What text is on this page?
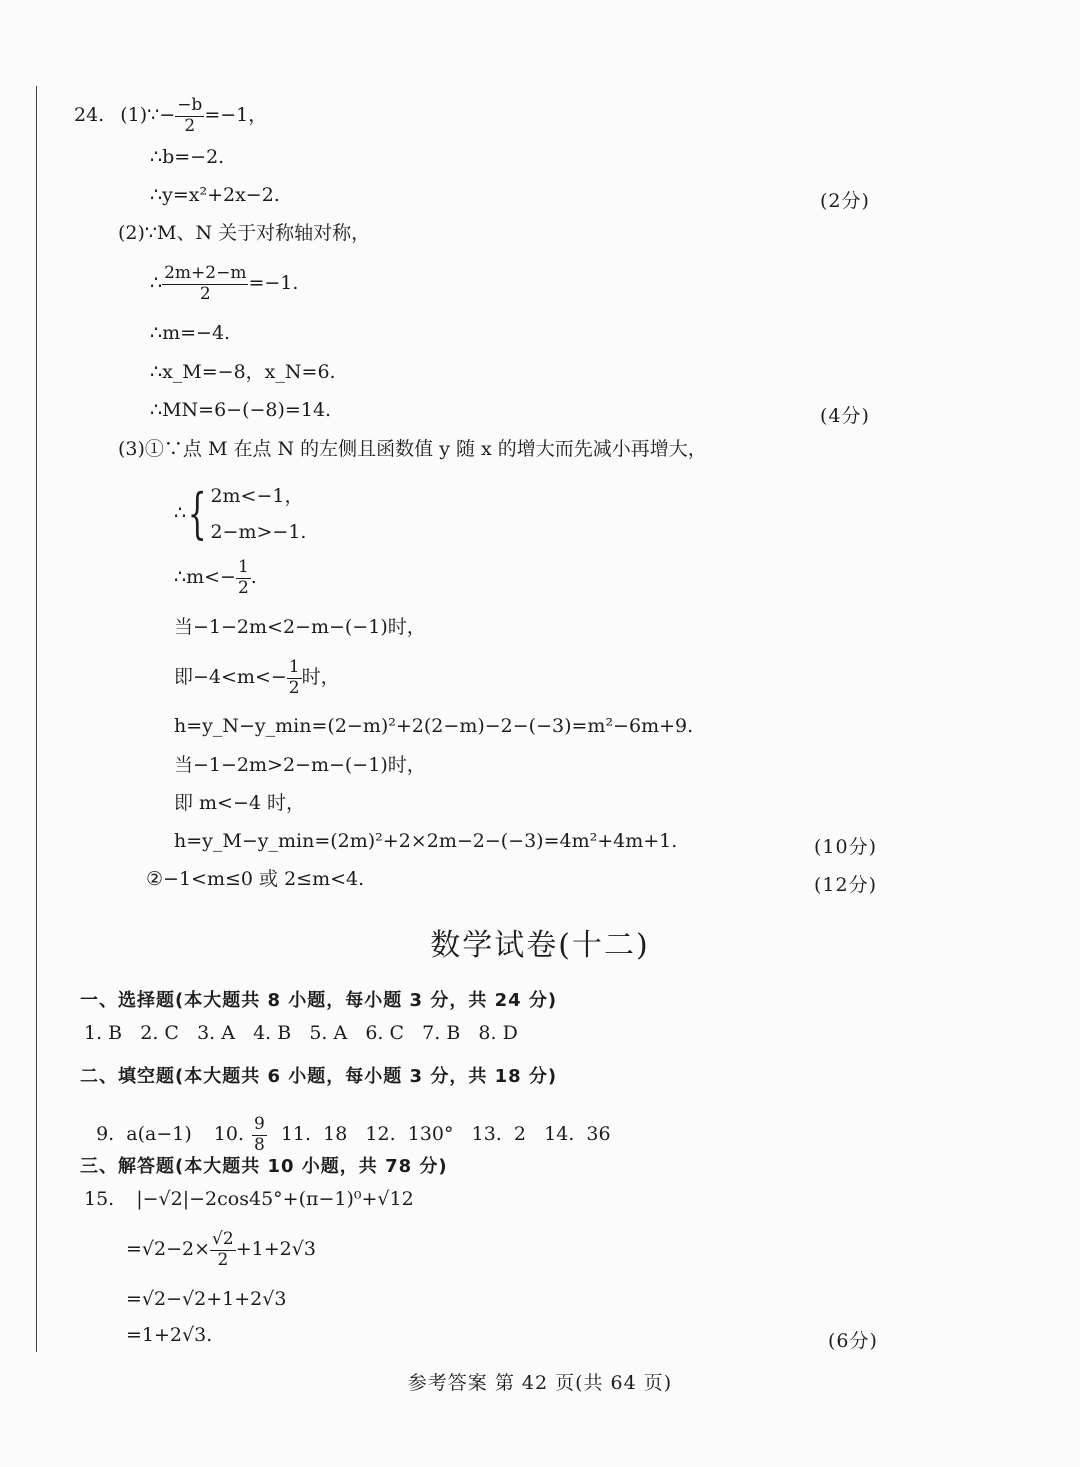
24. (1)∵− $\frac{-b}{2} =-1$，
∴b=−2.
∴y=x²+2x−2.	(2分)
(2)∵M、N 关于对称轴对称，
∴ $\frac{2m+2-m}{2} =-1$.
∴m=−4.
∴x_M=−8，x_N=6.
∴MN=6−(−8)=14.	(4分)
(3)①∵点 M 在点 N 的左侧且函数值 y 随 x 的增大而先减小再增大，
∴{ 2m<−1，
2−m>−1.
∴m<− $\frac{1}{2}$ .
当−1−2m<2−m−(−1)时，
即$-4<m<- \frac{1}{2}$ 时，
h=y_N−y_min=(2−m)²+2(2−m)−2−(−3)=m²−6m+9.
当−1−2m>2−m−(−1)时，
即 m<−4 时，
h=y_M−y_min=(2m)²+2×2m−2−(−3)=4m²+4m+1.	(10分)
②−1<m≤0 或 2≤m<4.	(12分)
数学试卷(十二)
一、选择题(本大题共 8 小题，每小题 3 分，共 24 分)
1. B   2. C   3. A   4. B   5. A   6. C   7. B   8. D
二、填空题(本大题共 6 小题，每小题 3 分，共 18 分)

9.  a(a−1) 10. $\frac{9}{8} 11$.  18   12.  130°   13.  2   14.  36

三、解答题(本大题共 10 小题，共 78 分)
15. |−√2|−2cos45°+(π−1)⁰+√12
$=√2-2\times \frac{√2}{2} +1+2√3$
=√2−√2+1+2√3
=1+2√3.	(6分)
参考答案 第 42 页(共 64 页)
